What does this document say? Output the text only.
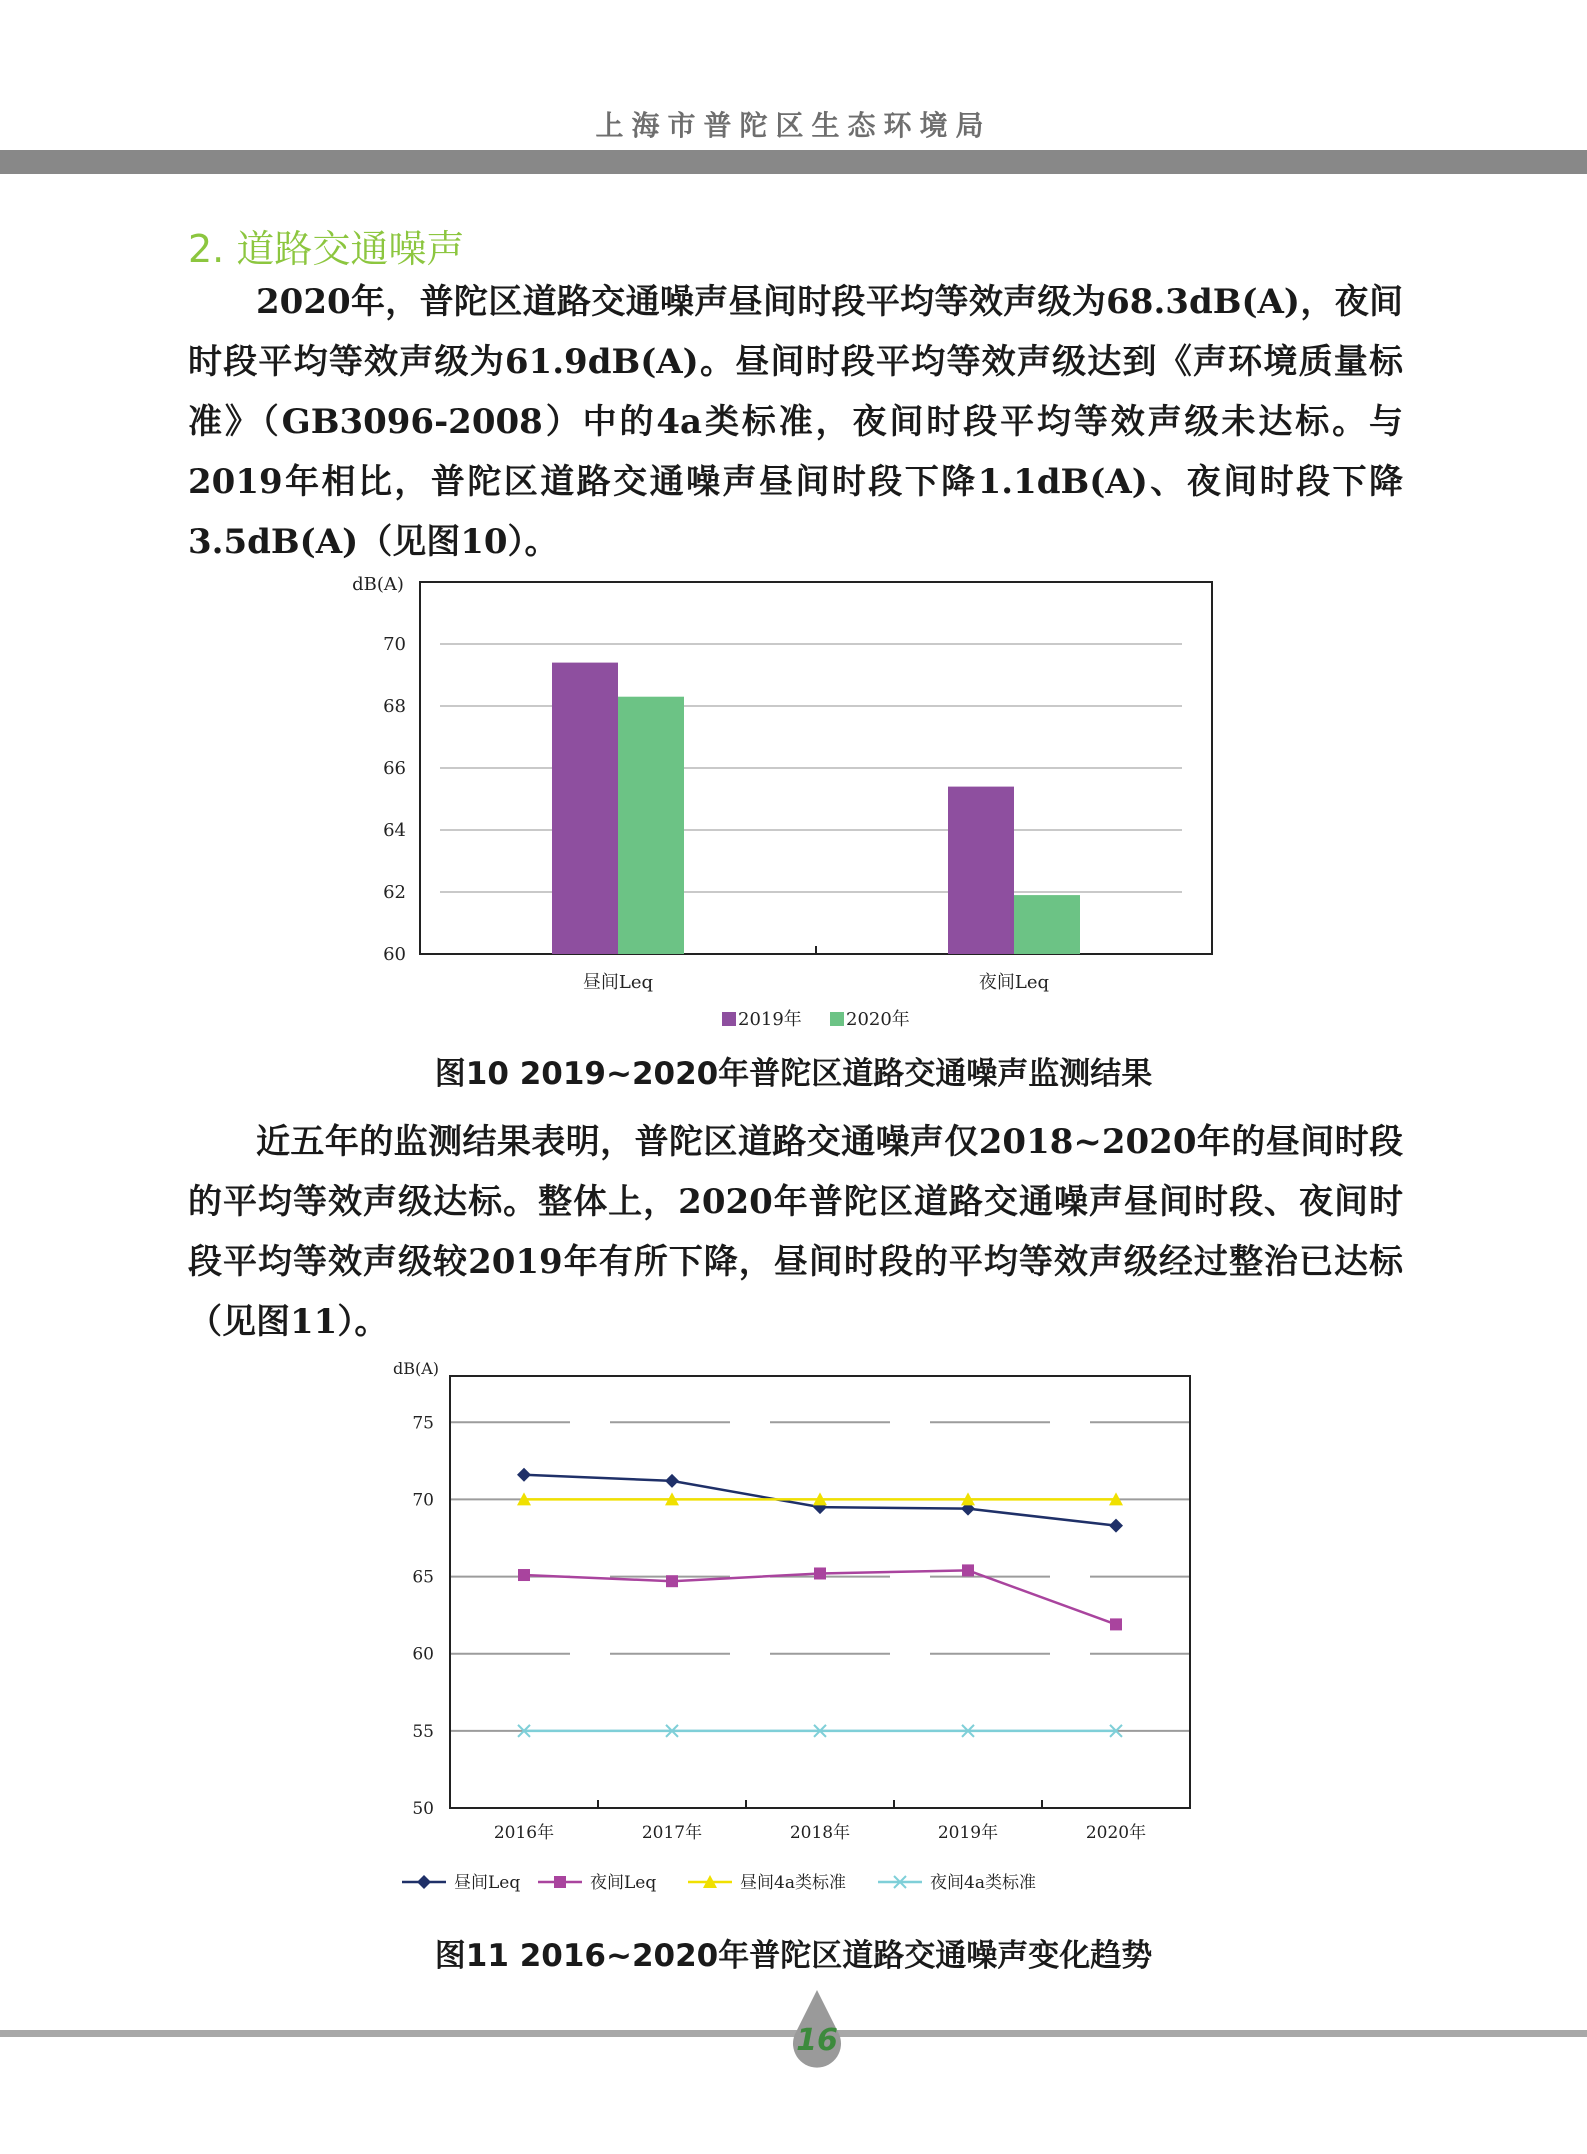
上海市普陀区生态环境局
2. 道路交通噪声

2020年，普陀区道路交通噪声昼间时段平均等效声级为68.3dB(A)，夜间时段平均等效声级为61.9dB(A)。昼间时段平均等效声级达到《声环境质量标准》（GB3096-2008）中的4a类标准，夜间时段平均等效声级未达标。与2019年相比，普陀区道路交通噪声昼间时段下降1.1dB(A)、夜间时段下降3.5dB(A)（见图10）。

dB(A)
60
62
64
66
68
70
昼间Leq	夜间Leq
2019年 2020年
图10 2019~2020年普陀区道路交通噪声监测结果

近五年的监测结果表明，普陀区道路交通噪声仅2018~2020年的昼间时段的平均等效声级达标。整体上，2020年普陀区道路交通噪声昼间时段、夜间时段平均等效声级较2019年有所下降，昼间时段的平均等效声级经过整治已达标（见图11）。

dB(A)
50
55
60
65
70
75
2016年	2017年	2018年	2019年	2020年
昼间Leq	夜间Leq	昼间4a类标准	夜间4a类标准
图11 2016~2020年普陀区道路交通噪声变化趋势
16
